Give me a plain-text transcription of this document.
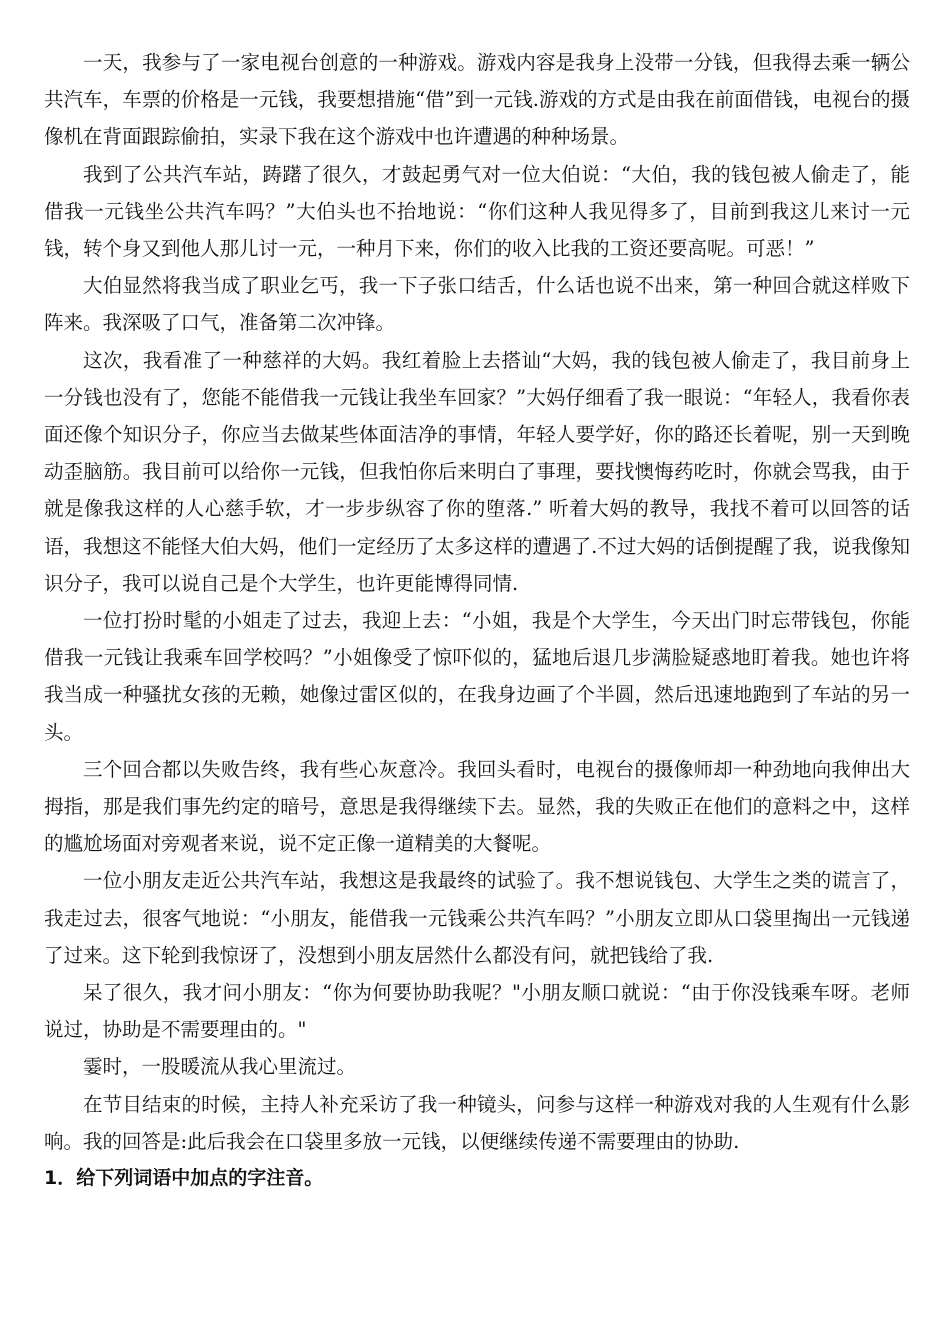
一天，我参与了一家电视台创意的一种游戏。游戏内容是我身上没带一分钱，但我得去乘一辆公共汽车，车票的价格是一元钱，我要想措施“借”到一元钱.游戏的方式是由我在前面借钱，电视台的摄像机在背面跟踪偷拍，实录下我在这个游戏中也许遭遇的种种场景。

我到了公共汽车站，踌躇了很久，才鼓起勇气对一位大伯说：“大伯，我的钱包被人偷走了，能借我一元钱坐公共汽车吗？”大伯头也不抬地说：“你们这种人我见得多了，目前到我这儿来讨一元钱，转个身又到他人那儿讨一元，一种月下来，你们的收入比我的工资还要高呢。可恶！”

大伯显然将我当成了职业乞丐，我一下子张口结舌，什么话也说不出来，第一种回合就这样败下阵来。我深吸了口气，准备第二次冲锋。

这次，我看准了一种慈祥的大妈。我红着脸上去搭讪“大妈，我的钱包被人偷走了，我目前身上一分钱也没有了，您能不能借我一元钱让我坐车回家？”大妈仔细看了我一眼说：“年轻人，我看你表面还像个知识分子，你应当去做某些体面洁净的事情，年轻人要学好，你的路还长着呢，别一天到晚动歪脑筋。我目前可以给你一元钱，但我怕你后来明白了事理，要找懊悔药吃时，你就会骂我，由于就是像我这样的人心慈手软，才一步步纵容了你的堕落.” 听着大妈的教导，我找不着可以回答的话语，我想这不能怪大伯大妈，他们一定经历了太多这样的遭遇了.不过大妈的话倒提醒了我，说我像知识分子，我可以说自己是个大学生，也许更能博得同情.

一位打扮时髦的小姐走了过去，我迎上去：“小姐，我是个大学生，今天出门时忘带钱包，你能借我一元钱让我乘车回学校吗？”小姐像受了惊吓似的，猛地后退几步满脸疑惑地盯着我。她也许将我当成一种骚扰女孩的无赖，她像过雷区似的，在我身边画了个半圆，然后迅速地跑到了车站的另一头。

三个回合都以失败告终，我有些心灰意冷。我回头看时，电视台的摄像师却一种劲地向我伸出大拇指，那是我们事先约定的暗号，意思是我得继续下去。显然，我的失败正在他们的意料之中，这样的尴尬场面对旁观者来说，说不定正像一道精美的大餐呢。

一位小朋友走近公共汽车站，我想这是我最终的试验了。我不想说钱包、大学生之类的谎言了，我走过去，很客气地说：“小朋友，能借我一元钱乘公共汽车吗？”小朋友立即从口袋里掏出一元钱递了过来。这下轮到我惊讶了，没想到小朋友居然什么都没有问，就把钱给了我.

呆了很久，我才问小朋友：“你为何要协助我呢？"小朋友顺口就说：“由于你没钱乘车呀。老师说过，协助是不需要理由的。"

霎时，一股暖流从我心里流过。

在节目结束的时候，主持人补充采访了我一种镜头，问参与这样一种游戏对我的人生观有什么影响。我的回答是:此后我会在口袋里多放一元钱，以便继续传递不需要理由的协助.

1．给下列词语中加点的字注音。
